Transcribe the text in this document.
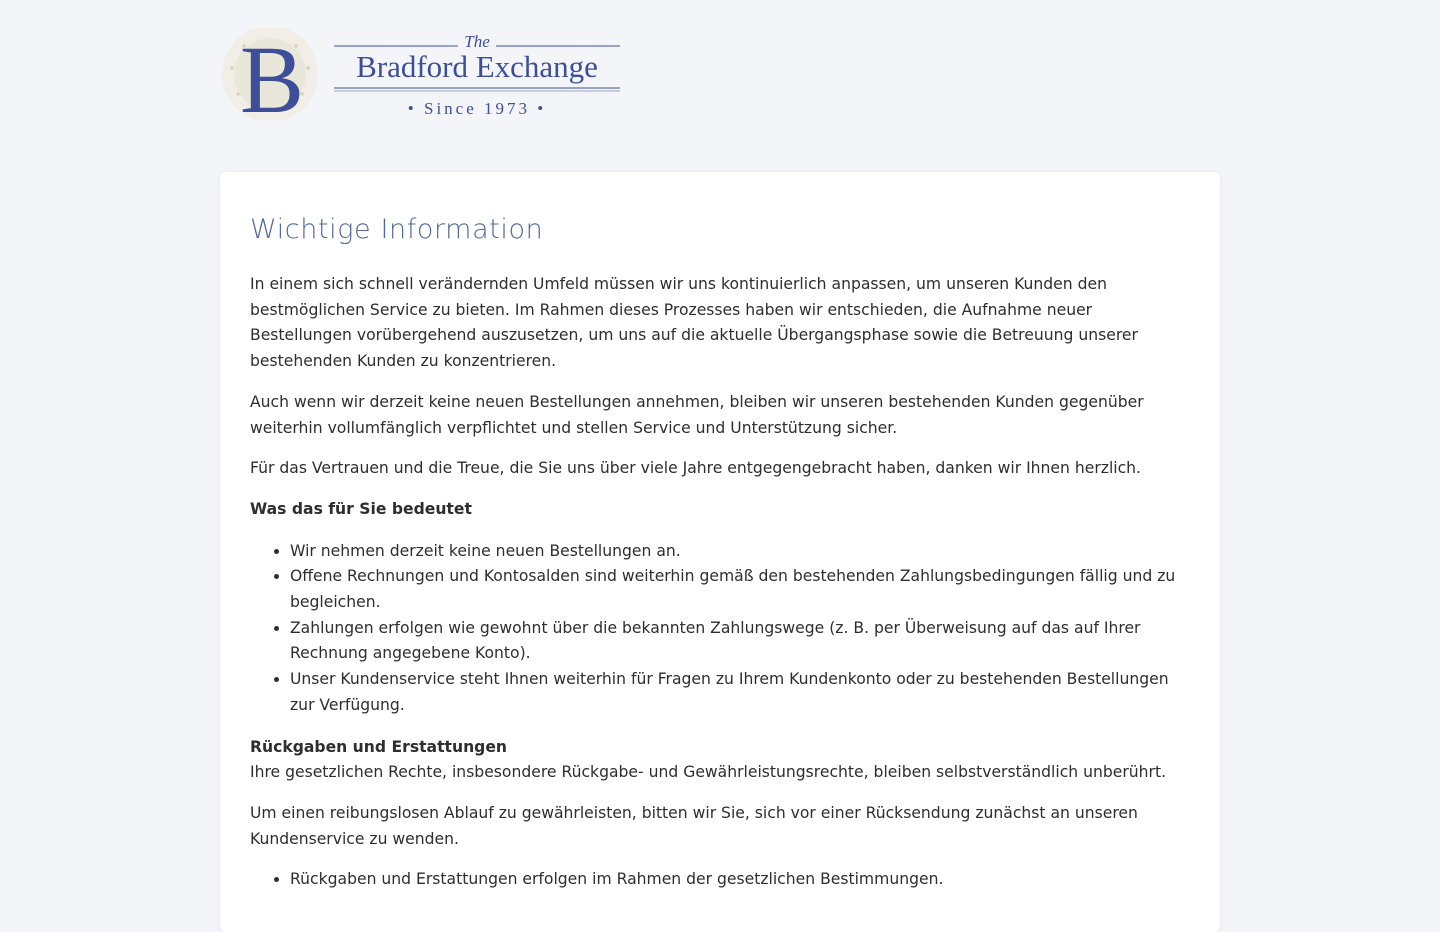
B	The
Bradford Exchange
• Since 1973 •
Wichtige Information

In einem sich schnell verändernden Umfeld müssen wir uns kontinuierlich anpassen, um unseren Kunden den bestmöglichen Service zu bieten. Im Rahmen dieses Prozesses haben wir entschieden, die Aufnahme neuer Bestellungen vorübergehend auszusetzen, um uns auf die aktuelle Übergangsphase sowie die Betreuung unserer bestehenden Kunden zu konzentrieren.

Auch wenn wir derzeit keine neuen Bestellungen annehmen, bleiben wir unseren bestehenden Kunden gegenüber weiterhin vollumfänglich verpflichtet und stellen Service und Unterstützung sicher.

Für das Vertrauen und die Treue, die Sie uns über viele Jahre entgegengebracht haben, danken wir Ihnen herzlich.

Was das für Sie bedeutet
• Wir nehmen derzeit keine neuen Bestellungen an.
• Offene Rechnungen und Kontosalden sind weiterhin gemäß den bestehenden Zahlungsbedingungen fällig und zu begleichen.
• Zahlungen erfolgen wie gewohnt über die bekannten Zahlungswege (z. B. per Überweisung auf das auf Ihrer Rechnung angegebene Konto).
• Unser Kundenservice steht Ihnen weiterhin für Fragen zu Ihrem Kundenkonto oder zu bestehenden Bestellungen zur Verfügung.
Rückgaben und Erstattungen

Ihre gesetzlichen Rechte, insbesondere Rückgabe- und Gewährleistungsrechte, bleiben selbstverständlich unberührt.

Um einen reibungslosen Ablauf zu gewährleisten, bitten wir Sie, sich vor einer Rücksendung zunächst an unseren Kundenservice zu wenden.

• Rückgaben und Erstattungen erfolgen im Rahmen der gesetzlichen Bestimmungen.
